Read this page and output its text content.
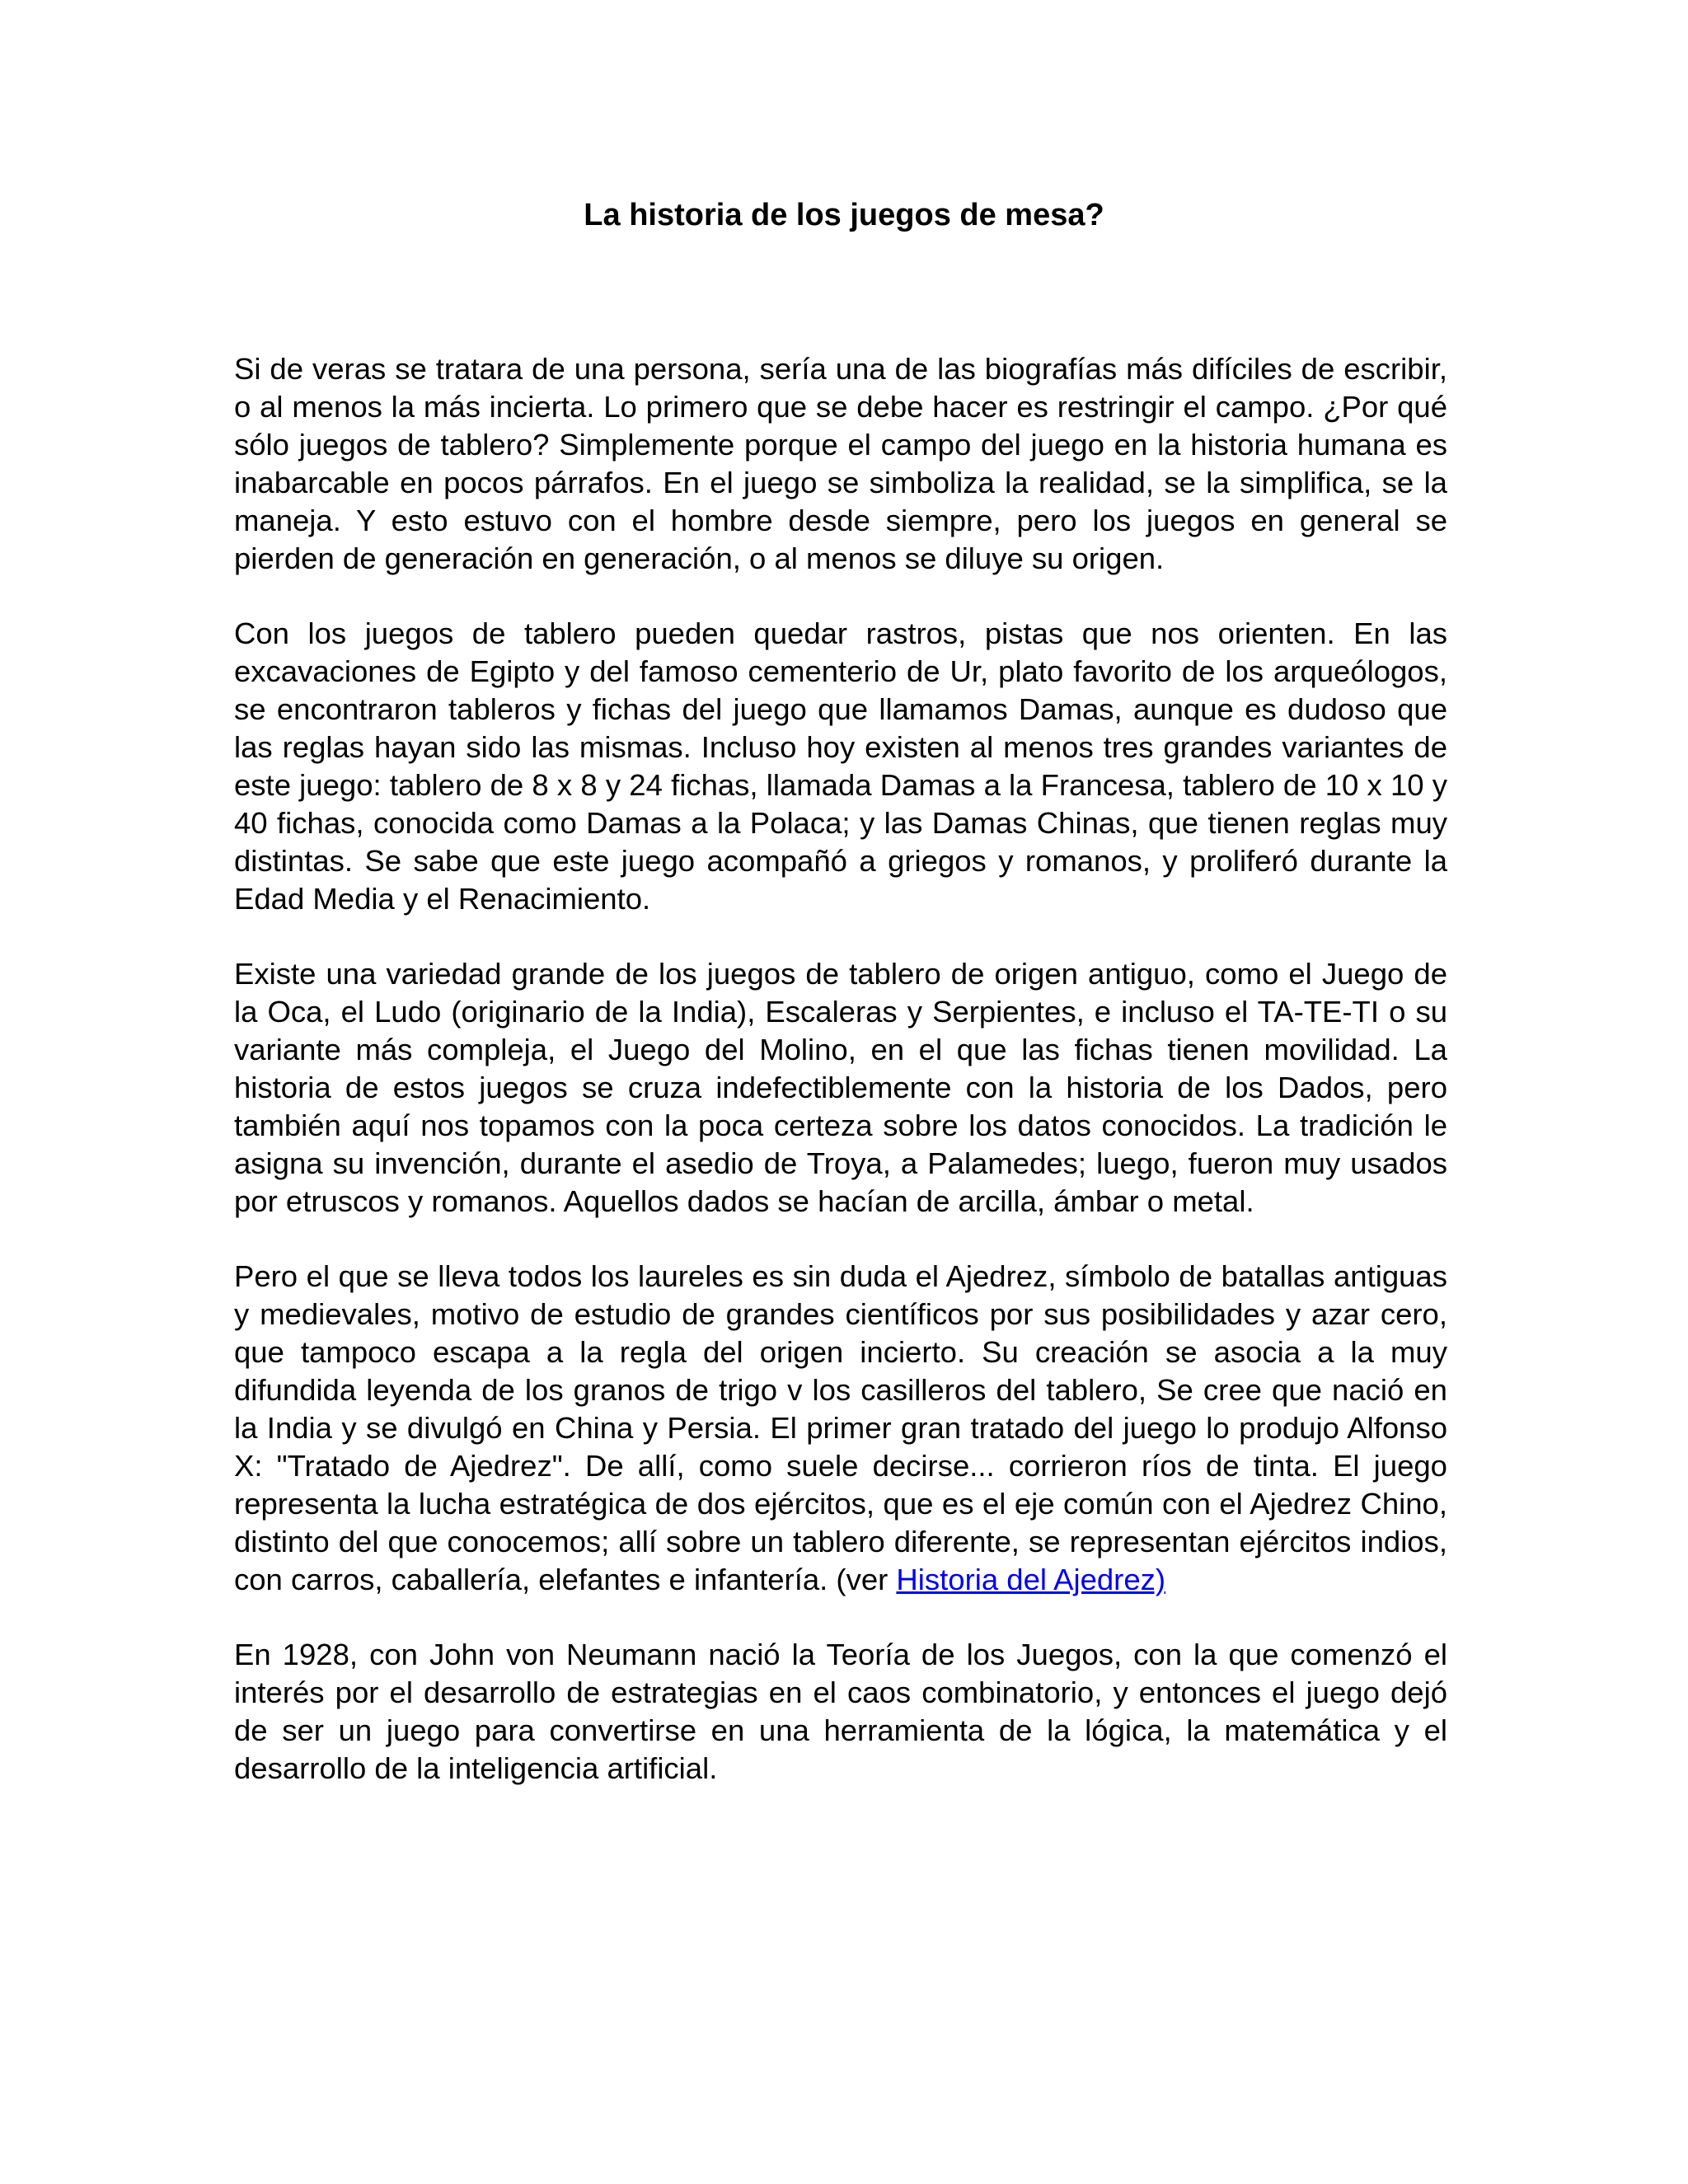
La historia de los juegos de mesa?

Si de veras se tratara de una persona, sería una de las biografías más difíciles de escribir, o al menos la más incierta. Lo primero que se debe hacer es restringir el campo. ¿Por qué sólo juegos de tablero? Simplemente porque el campo del juego en la historia humana es inabarcable en pocos párrafos. En el juego se simboliza la realidad, se la simplifica, se la maneja. Y esto estuvo con el hombre desde siempre, pero los juegos en general se pierden de generación en generación, o al menos se diluye su origen.

Con los juegos de tablero pueden quedar rastros, pistas que nos orienten. En las excavaciones de Egipto y del famoso cementerio de Ur, plato favorito de los arqueólogos, se encontraron tableros y fichas del juego que llamamos Damas, aunque es dudoso que las reglas hayan sido las mismas. Incluso hoy existen al menos tres grandes variantes de este juego: tablero de 8 x 8 y 24 fichas, llamada Damas a la Francesa, tablero de 10 x 10 y 40 fichas, conocida como Damas a la Polaca; y las Damas Chinas, que tienen reglas muy distintas. Se sabe que este juego acompañó a griegos y romanos, y proliferó durante la Edad Media y el Renacimiento.

Existe una variedad grande de los juegos de tablero de origen antiguo, como el Juego de la Oca, el Ludo (originario de la India), Escaleras y Serpientes, e incluso el TA-TE-TI o su variante más compleja, el Juego del Molino, en el que las fichas tienen movilidad. La historia de estos juegos se cruza indefectiblemente con la historia de los Dados, pero también aquí nos topamos con la poca certeza sobre los datos conocidos. La tradición le asigna su invención, durante el asedio de Troya, a Palamedes; luego, fueron muy usados por etruscos y romanos. Aquellos dados se hacían de arcilla, ámbar o metal.

Pero el que se lleva todos los laureles es sin duda el Ajedrez, símbolo de batallas antiguas y medievales, motivo de estudio de grandes científicos por sus posibilidades y azar cero, que tampoco escapa a la regla del origen incierto. Su creación se asocia a la muy difundida leyenda de los granos de trigo v los casilleros del tablero, Se cree que nació en la India y se divulgó en China y Persia. El primer gran tratado del juego lo produjo Alfonso X: "Tratado de Ajedrez". De allí, como suele decirse... corrieron ríos de tinta. El juego representa la lucha estratégica de dos ejércitos, que es el eje común con el Ajedrez Chino, distinto del que conocemos; allí sobre un tablero diferente, se representan ejércitos indios, con carros, caballería, elefantes e infantería. (ver Historia del Ajedrez)

En 1928, con John von Neumann nació la Teoría de los Juegos, con la que comenzó el interés por el desarrollo de estrategias en el caos combinatorio, y entonces el juego dejó de ser un juego para convertirse en una herramienta de la lógica, la matemática y el desarrollo de la inteligencia artificial.
